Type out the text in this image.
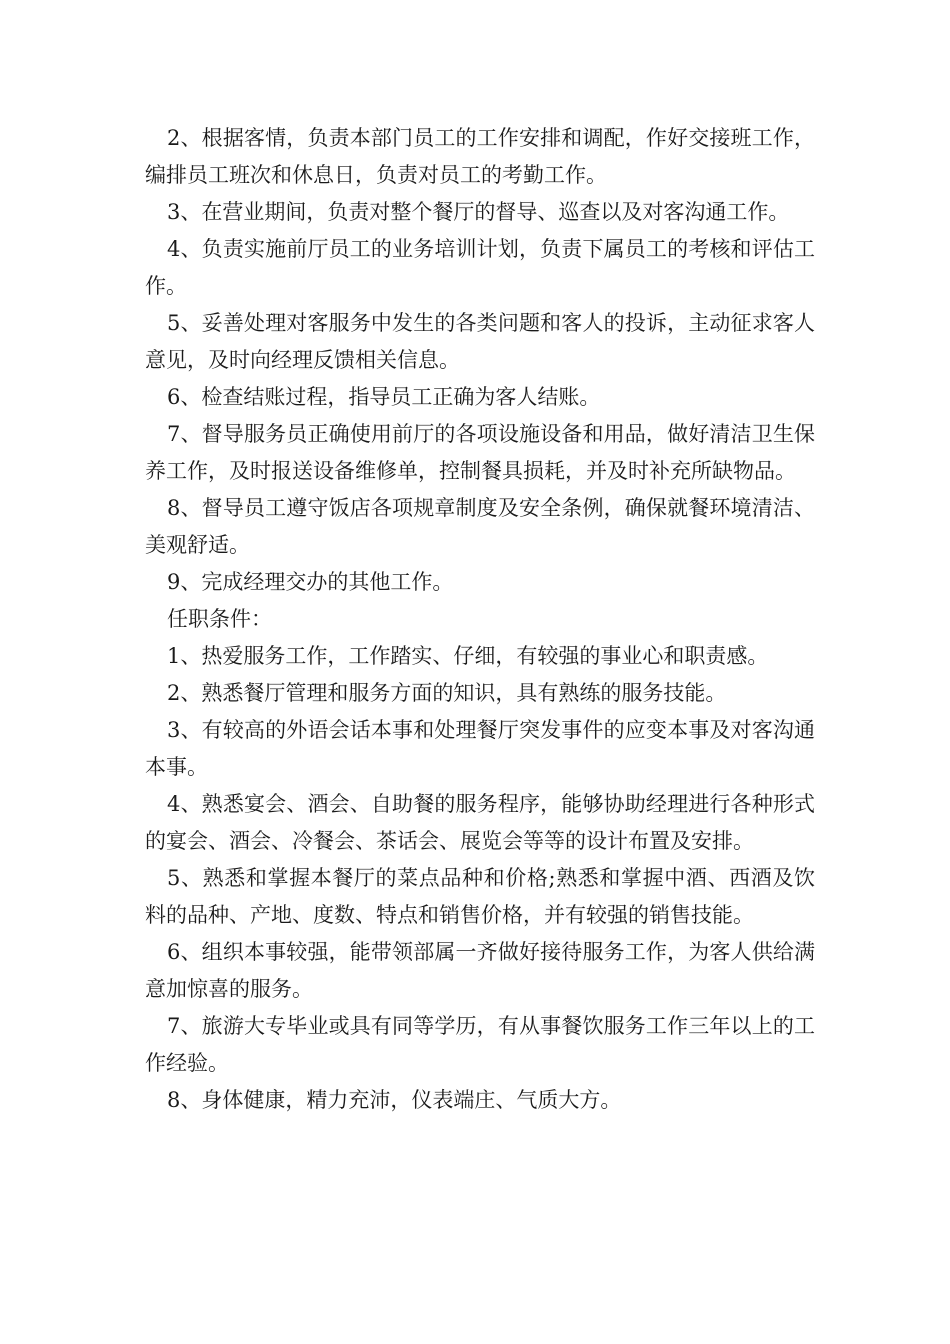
2、根据客情，负责本部门员工的工作安排和调配，作好交接班工作，编排员工班次和休息日，负责对员工的考勤工作。

3、在营业期间，负责对整个餐厅的督导、巡查以及对客沟通工作。

4、负责实施前厅员工的业务培训计划，负责下属员工的考核和评估工作。

5、妥善处理对客服务中发生的各类问题和客人的投诉，主动征求客人意见，及时向经理反馈相关信息。

6、检查结账过程，指导员工正确为客人结账。

7、督导服务员正确使用前厅的各项设施设备和用品，做好清洁卫生保养工作，及时报送设备维修单，控制餐具损耗，并及时补充所缺物品。

8、督导员工遵守饭店各项规章制度及安全条例，确保就餐环境清洁、美观舒适。

9、完成经理交办的其他工作。

任职条件：

1、热爱服务工作，工作踏实、仔细，有较强的事业心和职责感。

2、熟悉餐厅管理和服务方面的知识，具有熟练的服务技能。

3、有较高的外语会话本事和处理餐厅突发事件的应变本事及对客沟通本事。

4、熟悉宴会、酒会、自助餐的服务程序，能够协助经理进行各种形式的宴会、酒会、冷餐会、茶话会、展览会等等的设计布置及安排。

5、熟悉和掌握本餐厅的菜点品种和价格;熟悉和掌握中酒、西酒及饮料的品种、产地、度数、特点和销售价格，并有较强的销售技能。

6、组织本事较强，能带领部属一齐做好接待服务工作，为客人供给满意加惊喜的服务。

7、旅游大专毕业或具有同等学历，有从事餐饮服务工作三年以上的工作经验。

8、身体健康，精力充沛，仪表端庄、气质大方。
